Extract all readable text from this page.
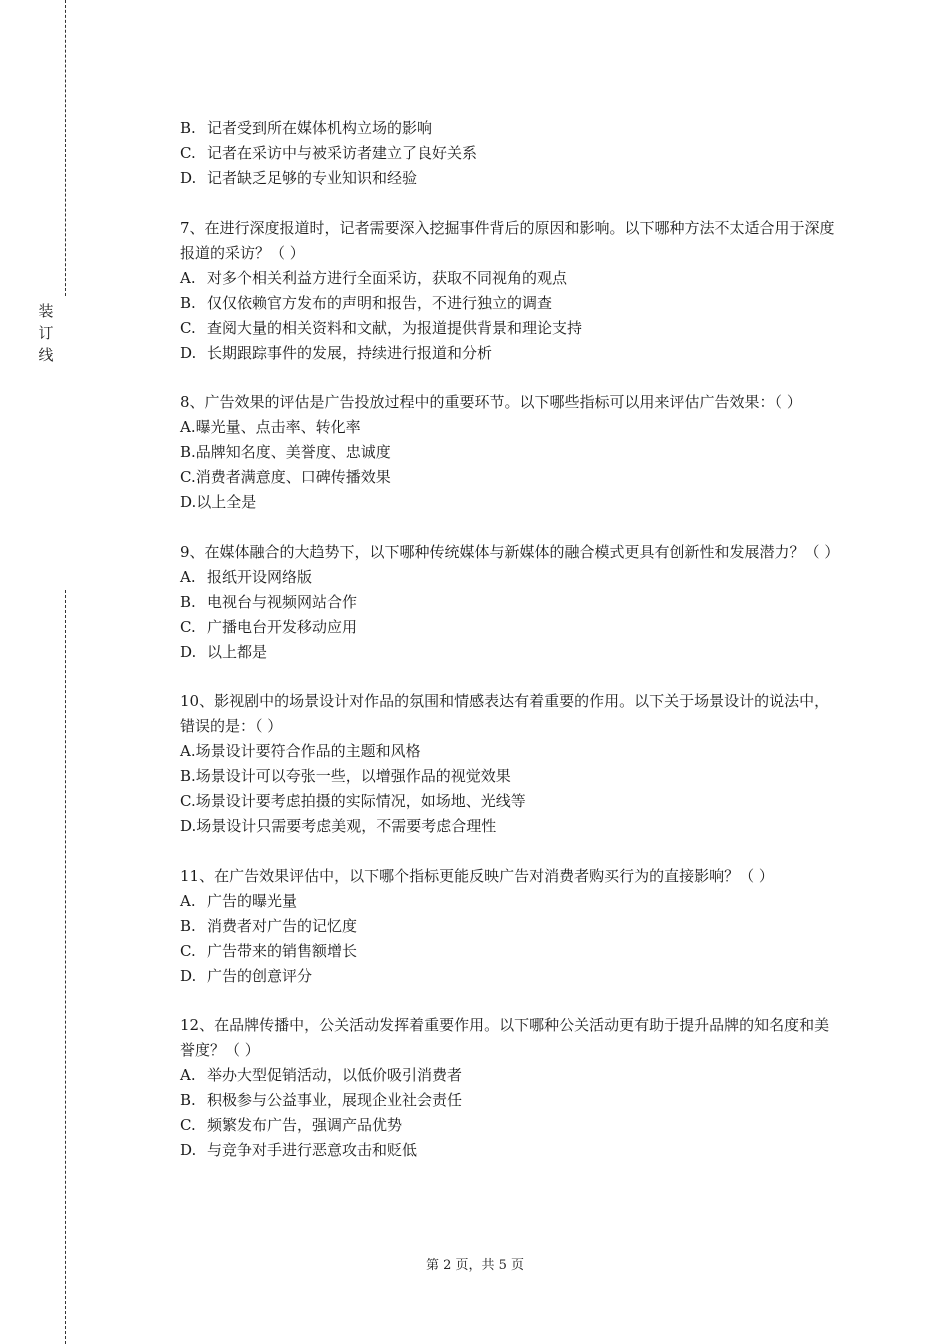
装
订
线

B. 记者受到所在媒体机构立场的影响

C. 记者在采访中与被采访者建立了良好关系

D. 记者缺乏足够的专业知识和经验

7、在进行深度报道时，记者需要深入挖掘事件背后的原因和影响。以下哪种方法不太适合用于深度报道的采访？（ ）

A. 对多个相关利益方进行全面采访，获取不同视角的观点

B. 仅仅依赖官方发布的声明和报告，不进行独立的调查

C. 查阅大量的相关资料和文献，为报道提供背景和理论支持

D. 长期跟踪事件的发展，持续进行报道和分析

8、广告效果的评估是广告投放过程中的重要环节。以下哪些指标可以用来评估广告效果：（ ）

A.曝光量、点击率、转化率

B.品牌知名度、美誉度、忠诚度

C.消费者满意度、口碑传播效果

D.以上全是

9、在媒体融合的大趋势下，以下哪种传统媒体与新媒体的融合模式更具有创新性和发展潜力？（ ）

A. 报纸开设网络版

B. 电视台与视频网站合作

C. 广播电台开发移动应用

D. 以上都是

10、影视剧中的场景设计对作品的氛围和情感表达有着重要的作用。以下关于场景设计的说法中，错误的是：（ ）

A.场景设计要符合作品的主题和风格

B.场景设计可以夸张一些，以增强作品的视觉效果

C.场景设计要考虑拍摄的实际情况，如场地、光线等

D.场景设计只需要考虑美观，不需要考虑合理性

11、在广告效果评估中，以下哪个指标更能反映广告对消费者购买行为的直接影响？（ ）

A. 广告的曝光量

B. 消费者对广告的记忆度

C. 广告带来的销售额增长

D. 广告的创意评分

12、在品牌传播中，公关活动发挥着重要作用。以下哪种公关活动更有助于提升品牌的知名度和美誉度？（ ）

A. 举办大型促销活动，以低价吸引消费者

B. 积极参与公益事业，展现企业社会责任

C. 频繁发布广告，强调产品优势

D. 与竞争对手进行恶意攻击和贬低

第 2 页，共 5 页
